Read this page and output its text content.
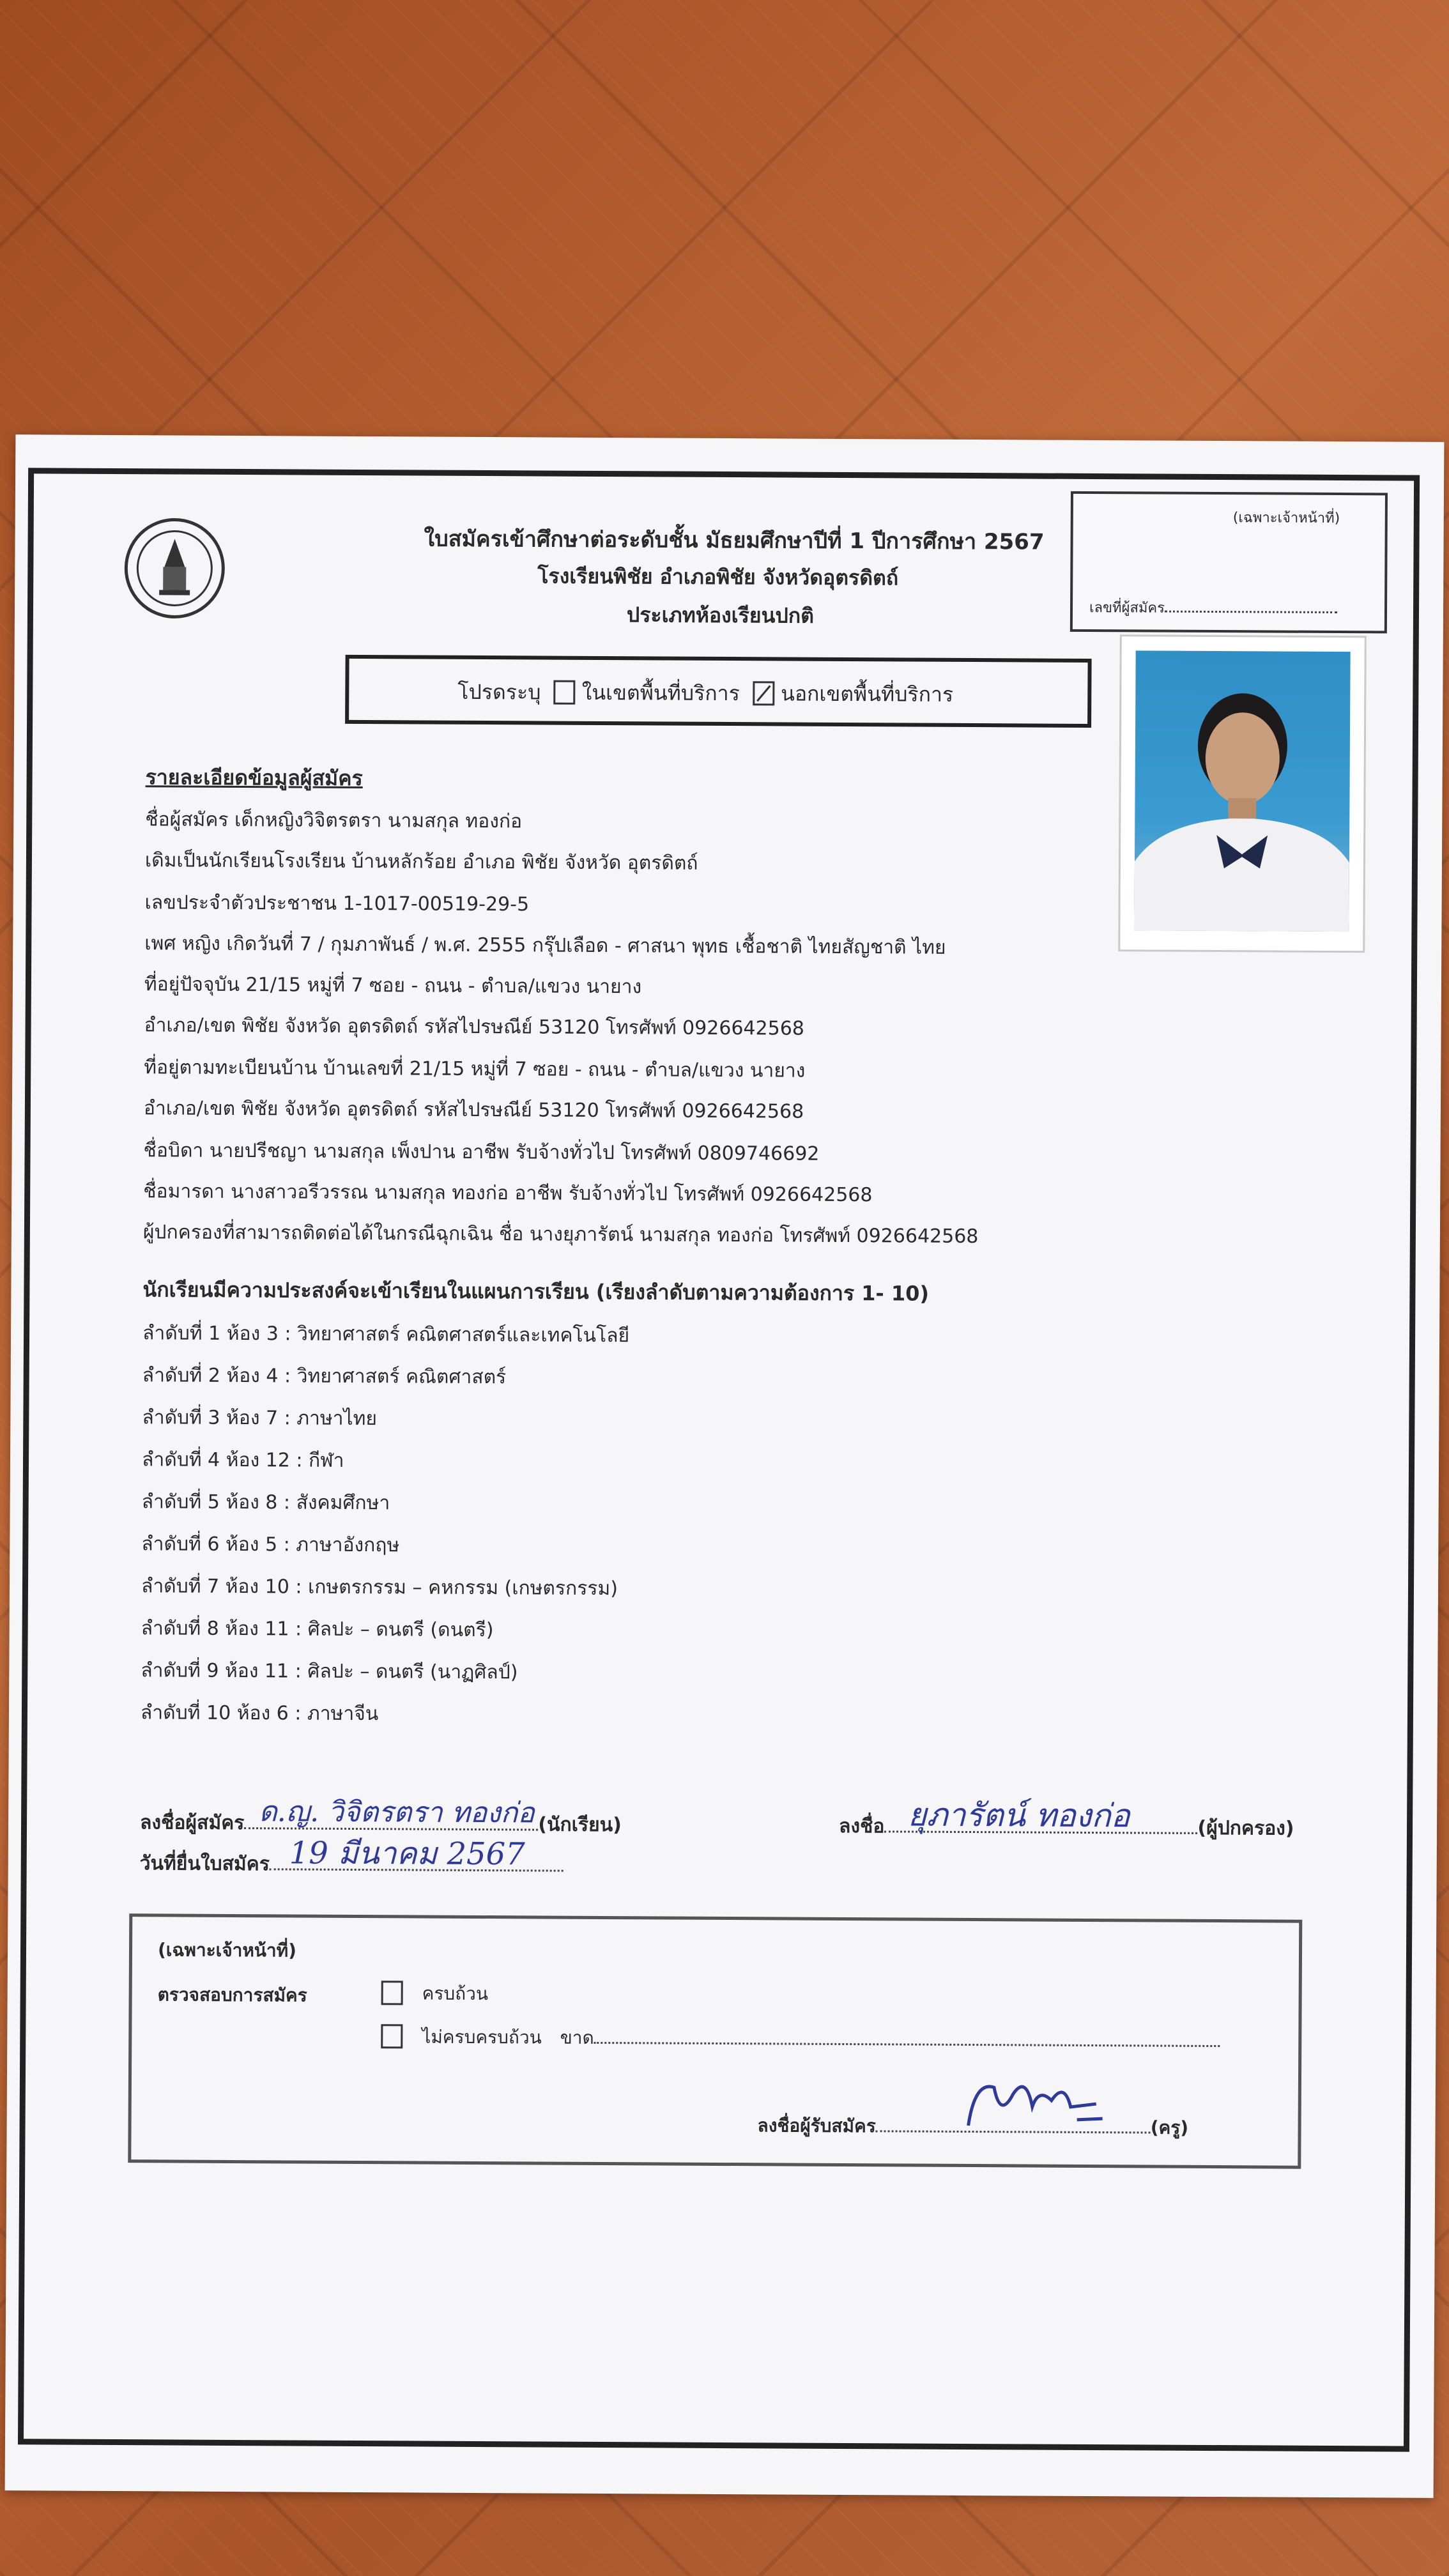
ใบสมัครเข้าศึกษาต่อระดับชั้น มัธยมศึกษาปีที่ 1 ปีการศึกษา 2567
โรงเรียนพิชัย อำเภอพิชัย จังหวัดอุตรดิตถ์
ประเภทห้องเรียนปกติ
(เฉพาะเจ้าหน้าที่)
เลขที่ผู้สมัคร
โปรดระบุ ในเขตพื้นที่บริการ นอกเขตพื้นที่บริการ
รายละเอียดข้อมูลผู้สมัคร
ชื่อผู้สมัคร เด็กหญิงวิจิตรตรา นามสกุล ทองก่อ
เดิมเป็นนักเรียนโรงเรียน บ้านหลักร้อย อำเภอ พิชัย จังหวัด อุตรดิตถ์
เลขประจำตัวประชาชน 1-1017-00519-29-5
เพศ หญิง เกิดวันที่ 7 / กุมภาพันธ์ / พ.ศ. 2555 กรุ๊ปเลือด - ศาสนา พุทธ เชื้อชาติ ไทยสัญชาติ ไทย
ที่อยู่ปัจจุบัน 21/15 หมู่ที่ 7 ซอย - ถนน - ตำบล/แขวง นายาง
อำเภอ/เขต พิชัย จังหวัด อุตรดิตถ์ รหัสไปรษณีย์ 53120 โทรศัพท์ 0926642568
ที่อยู่ตามทะเบียนบ้าน บ้านเลขที่ 21/15 หมู่ที่ 7 ซอย - ถนน - ตำบล/แขวง นายาง
อำเภอ/เขต พิชัย จังหวัด อุตรดิตถ์ รหัสไปรษณีย์ 53120 โทรศัพท์ 0926642568
ชื่อบิดา นายปรีชญา นามสกุล เพ็งปาน อาชีพ รับจ้างทั่วไป โทรศัพท์ 0809746692
ชื่อมารดา นางสาวอรีวรรณ นามสกุล ทองก่อ อาชีพ รับจ้างทั่วไป โทรศัพท์ 0926642568
ผู้ปกครองที่สามารถติดต่อได้ในกรณีฉุกเฉิน ชื่อ นางยุภารัตน์ นามสกุล ทองก่อ โทรศัพท์ 0926642568
นักเรียนมีความประสงค์จะเข้าเรียนในแผนการเรียน (เรียงลำดับตามความต้องการ 1- 10)
ลำดับที่ 1 ห้อง 3 : วิทยาศาสตร์ คณิตศาสตร์และเทคโนโลยี
ลำดับที่ 2 ห้อง 4 : วิทยาศาสตร์ คณิตศาสตร์
ลำดับที่ 3 ห้อง 7 : ภาษาไทย
ลำดับที่ 4 ห้อง 12 : กีฬา
ลำดับที่ 5 ห้อง 8 : สังคมศึกษา
ลำดับที่ 6 ห้อง 5 : ภาษาอังกฤษ
ลำดับที่ 7 ห้อง 10 : เกษตรกรรม – คหกรรม (เกษตรกรรม)
ลำดับที่ 8 ห้อง 11 : ศิลปะ – ดนตรี (ดนตรี)
ลำดับที่ 9 ห้อง 11 : ศิลปะ – ดนตรี (นาฏศิลป์)
ลำดับที่ 10 ห้อง 6 : ภาษาจีน
ลงชื่อผู้สมัคร	(นักเรียน)
ด.ญ. วิจิตรตรา ทองก่อ	ลงชื่อ	(ผู้ปกครอง)
ยุภารัตน์ ทองก่อ
วันที่ยื่นใบสมัคร 19 มีนาคม 2567
(เฉพาะเจ้าหน้าที่)
ตรวจสอบการสมัคร	ครบถ้วน
ไม่ครบครบถ้วน ขาด
ลงชื่อผู้รับสมัคร	(ครู)
